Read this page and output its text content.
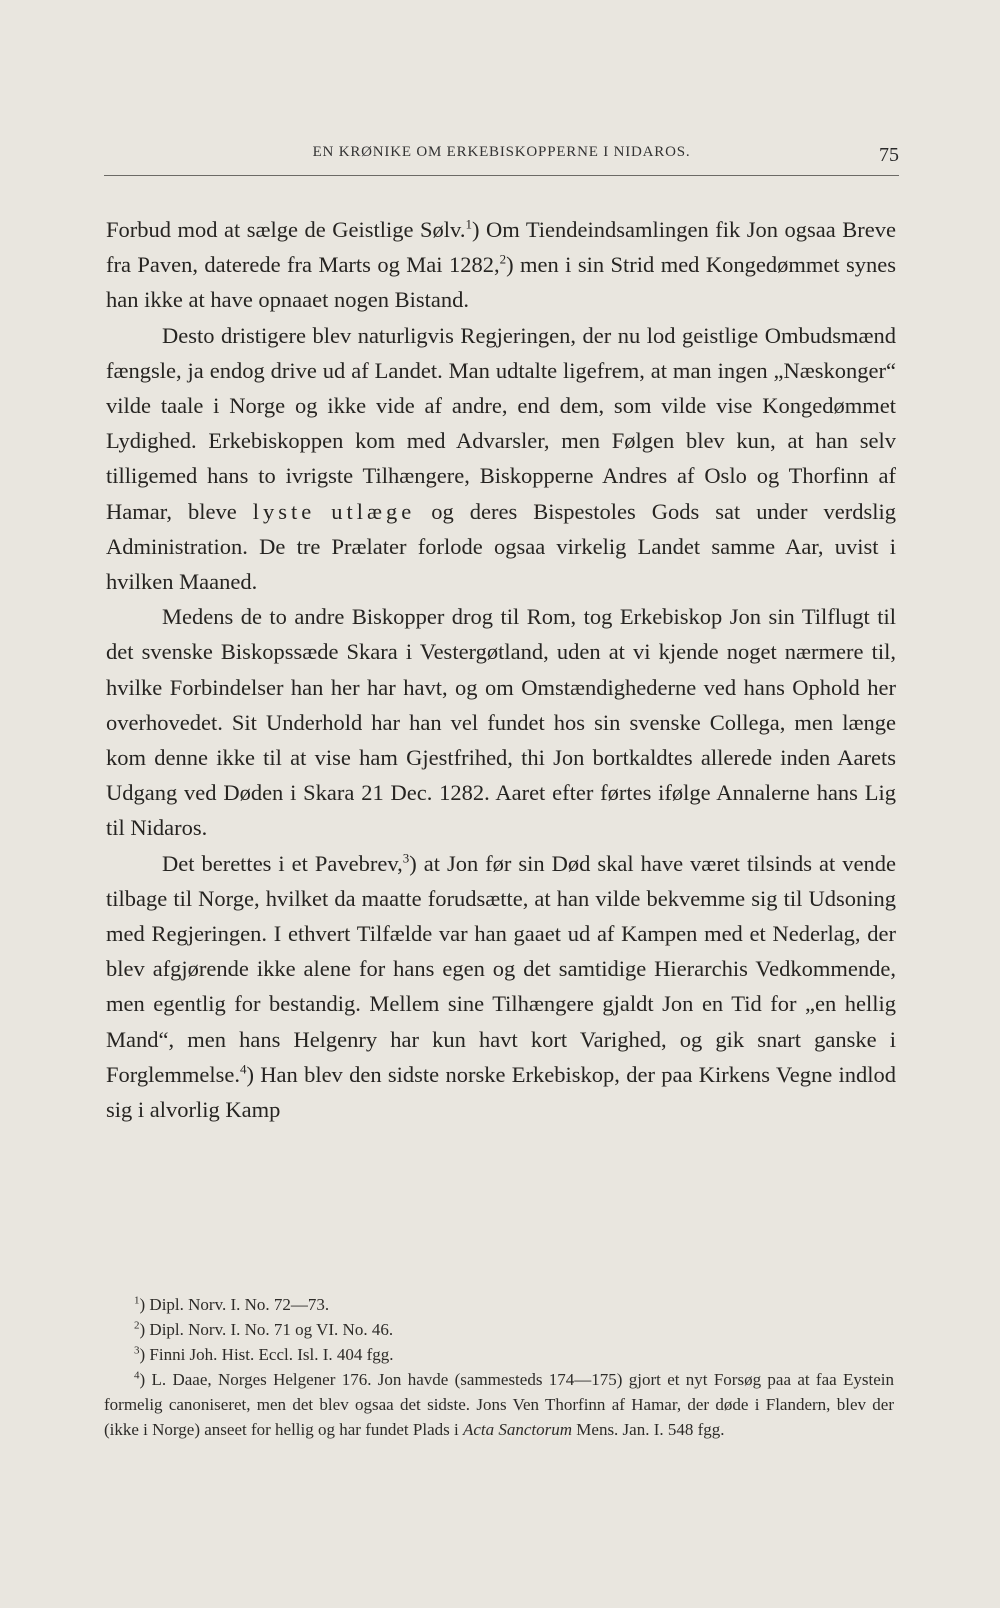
EN KRØNIKE OM ERKEBISKOPPERNE I NIDAROS.	75

Forbud mod at sælge de Geistlige Sølv.$^1$) Om Tiendeindsamlingen fik Jon ogsaa Breve fra Paven, daterede fra Marts og Mai 1282,$^2$) men i sin Strid med Kongedømmet synes han ikke at have opnaaet nogen Bistand.

Desto dristigere blev naturligvis Regjeringen, der nu lod geistlige Ombudsmænd fængsle, ja endog drive ud af Landet. Man udtalte ligefrem, at man ingen „Næskonger“ vilde taale i Norge og ikke vide af andre, end dem, som vilde vise Kongedømmet Lydighed. Erkebiskoppen kom med Advarsler, men Følgen blev kun, at han selv tilligemed hans to ivrigste Tilhængere, Biskopperne Andres af Oslo og Thorfinn af Hamar, bleve lyste utlæge og deres Bispestoles Gods sat under verdslig Administration. De tre Prælater forlode ogsaa virkelig Landet samme Aar, uvist i hvilken Maaned.

Medens de to andre Biskopper drog til Rom, tog Erkebiskop Jon sin Tilflugt til det svenske Biskopssæde Skara i Vestergøtland, uden at vi kjende noget nærmere til, hvilke Forbindelser han her har havt, og om Omstændighederne ved hans Ophold her overhovedet. Sit Underhold har han vel fundet hos sin svenske Collega, men længe kom denne ikke til at vise ham Gjestfrihed, thi Jon bortkaldtes allerede inden Aarets Udgang ved Døden i Skara 21 Dec. 1282. Aaret efter førtes ifølge Annalerne hans Lig til Nidaros.

Det berettes i et Pavebrev,$^3$) at Jon før sin Død skal have været tilsinds at vende tilbage til Norge, hvilket da maatte forudsætte, at han vilde bekvemme sig til Udsoning med Regjeringen. I ethvert Tilfælde var han gaaet ud af Kampen med et Nederlag, der blev afgjørende ikke alene for hans egen og det samtidige Hierarchis Vedkommende, men egentlig for bestandig. Mellem sine Tilhængere gjaldt Jon en Tid for „en hellig Mand“, men hans Helgenry har kun havt kort Varighed, og gik snart ganske i Forglemmelse.$^4$) Han blev den sidste norske Erkebiskop, der paa Kirkens Vegne indlod sig i alvorlig Kamp

$^1$) Dipl. Norv. I. No. 72—73.

$^2$) Dipl. Norv. I. No. 71 og VI. No. 46.

$^3$) Finni Joh. Hist. Eccl. Isl. I. 404 fgg.

$^4$) L. Daae, Norges Helgener 176. Jon havde (sammesteds 174—175) gjort et nyt Forsøg paa at faa Eystein formelig canoniseret, men det blev ogsaa det sidste. Jons Ven Thorfinn af Hamar, der døde i Flandern, blev der (ikke i Norge) anseet for hellig og har fundet Plads i Acta Sanctorum Mens. Jan. I. 548 fgg.
